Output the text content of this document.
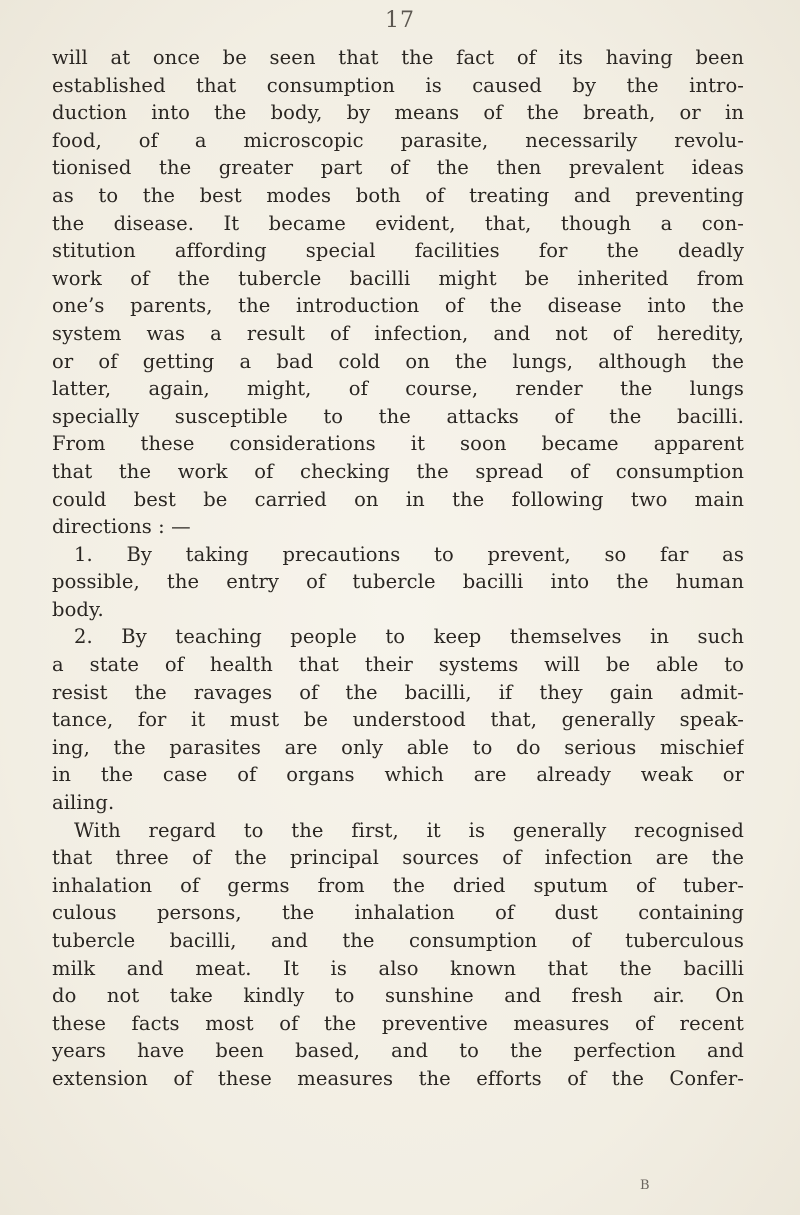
17
will at once be seen that the fact of its having been
established that consumption is caused by the intro-
duction into the body, by means of the breath, or in
food, of a microscopic parasite, necessarily revolu-
tionised the greater part of the then prevalent ideas
as to the best modes both of treating and preventing
the disease. It became evident, that, though a con-
stitution affording special facilities for the deadly
work of the tubercle bacilli might be inherited from
one’s parents, the introduction of the disease into the
system was a result of infection, and not of heredity,
or of getting a bad cold on the lungs, although the
latter, again, might, of course, render the lungs
specially susceptible to the attacks of the bacilli.
From these considerations it soon became apparent
that the work of checking the spread of consumption
could best be carried on in the following two main
directions : —
1. By taking precautions to prevent, so far as
possible, the entry of tubercle bacilli into the human
body.
2. By teaching people to keep themselves in such
a state of health that their systems will be able to
resist the ravages of the bacilli, if they gain admit-
tance, for it must be understood that, generally speak-
ing, the parasites are only able to do serious mischief
in the case of organs which are already weak or
ailing.
With regard to the first, it is generally recognised
that three of the principal sources of infection are the
inhalation of germs from the dried sputum of tuber-
culous persons, the inhalation of dust containing
tubercle bacilli, and the consumption of tuberculous
milk and meat. It is also known that the bacilli
do not take kindly to sunshine and fresh air. On
these facts most of the preventive measures of recent
years have been based, and to the perfection and
extension of these measures the efforts of the Confer-
B
